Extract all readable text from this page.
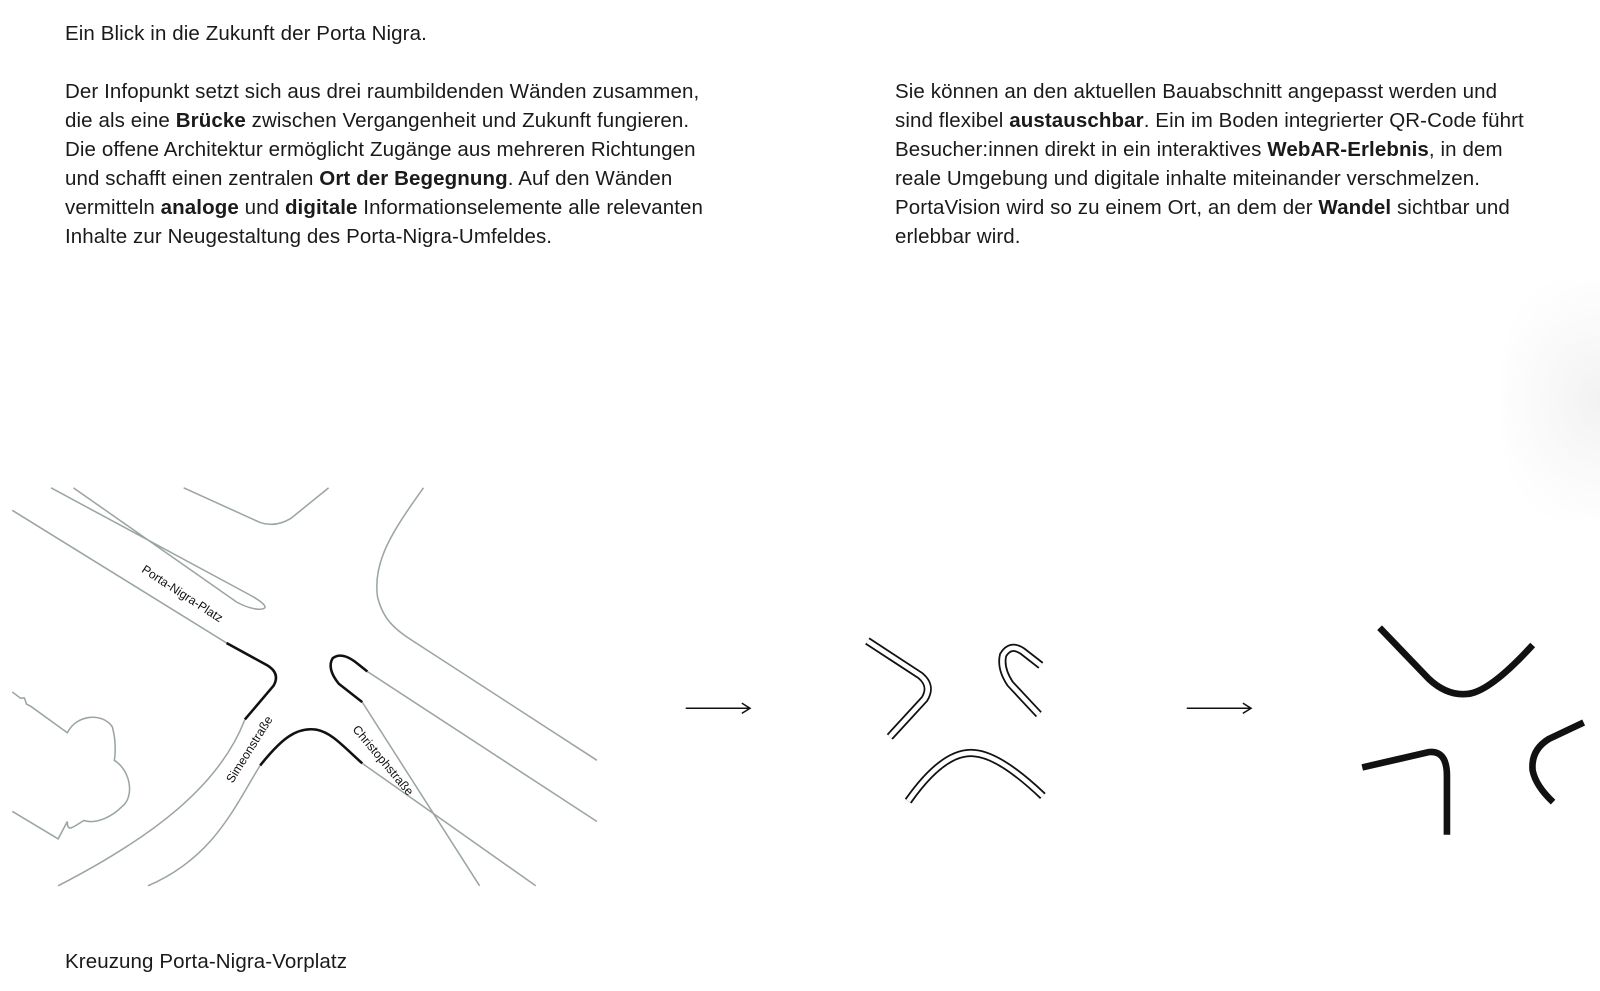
Ein Blick in die Zukunft der Porta Nigra.
Der Infopunkt setzt sich aus drei raumbildenden Wänden zusammen,
die als eine Brücke zwischen Vergangenheit und Zukunft fungieren.
Die offene Architektur ermöglicht Zugänge aus mehreren Richtungen
und schafft einen zentralen Ort der Begegnung. Auf den Wänden
vermitteln analoge und digitale Informationselemente alle relevanten
Inhalte zur Neugestaltung des Porta-Nigra-Umfeldes.
Sie können an den aktuellen Bauabschnitt angepasst werden und
sind flexibel austauschbar. Ein im Boden integrierter QR-Code führt
Besucher:innen direkt in ein interaktives WebAR-Erlebnis, in dem
reale Umgebung und digitale inhalte miteinander verschmelzen.
PortaVision wird so zu einem Ort, an dem der Wandel sichtbar und
erlebbar wird.
Porta-Nigra-Platz
Simeonstraße	Christophstraße
Kreuzung Porta-Nigra-Vorplatz
